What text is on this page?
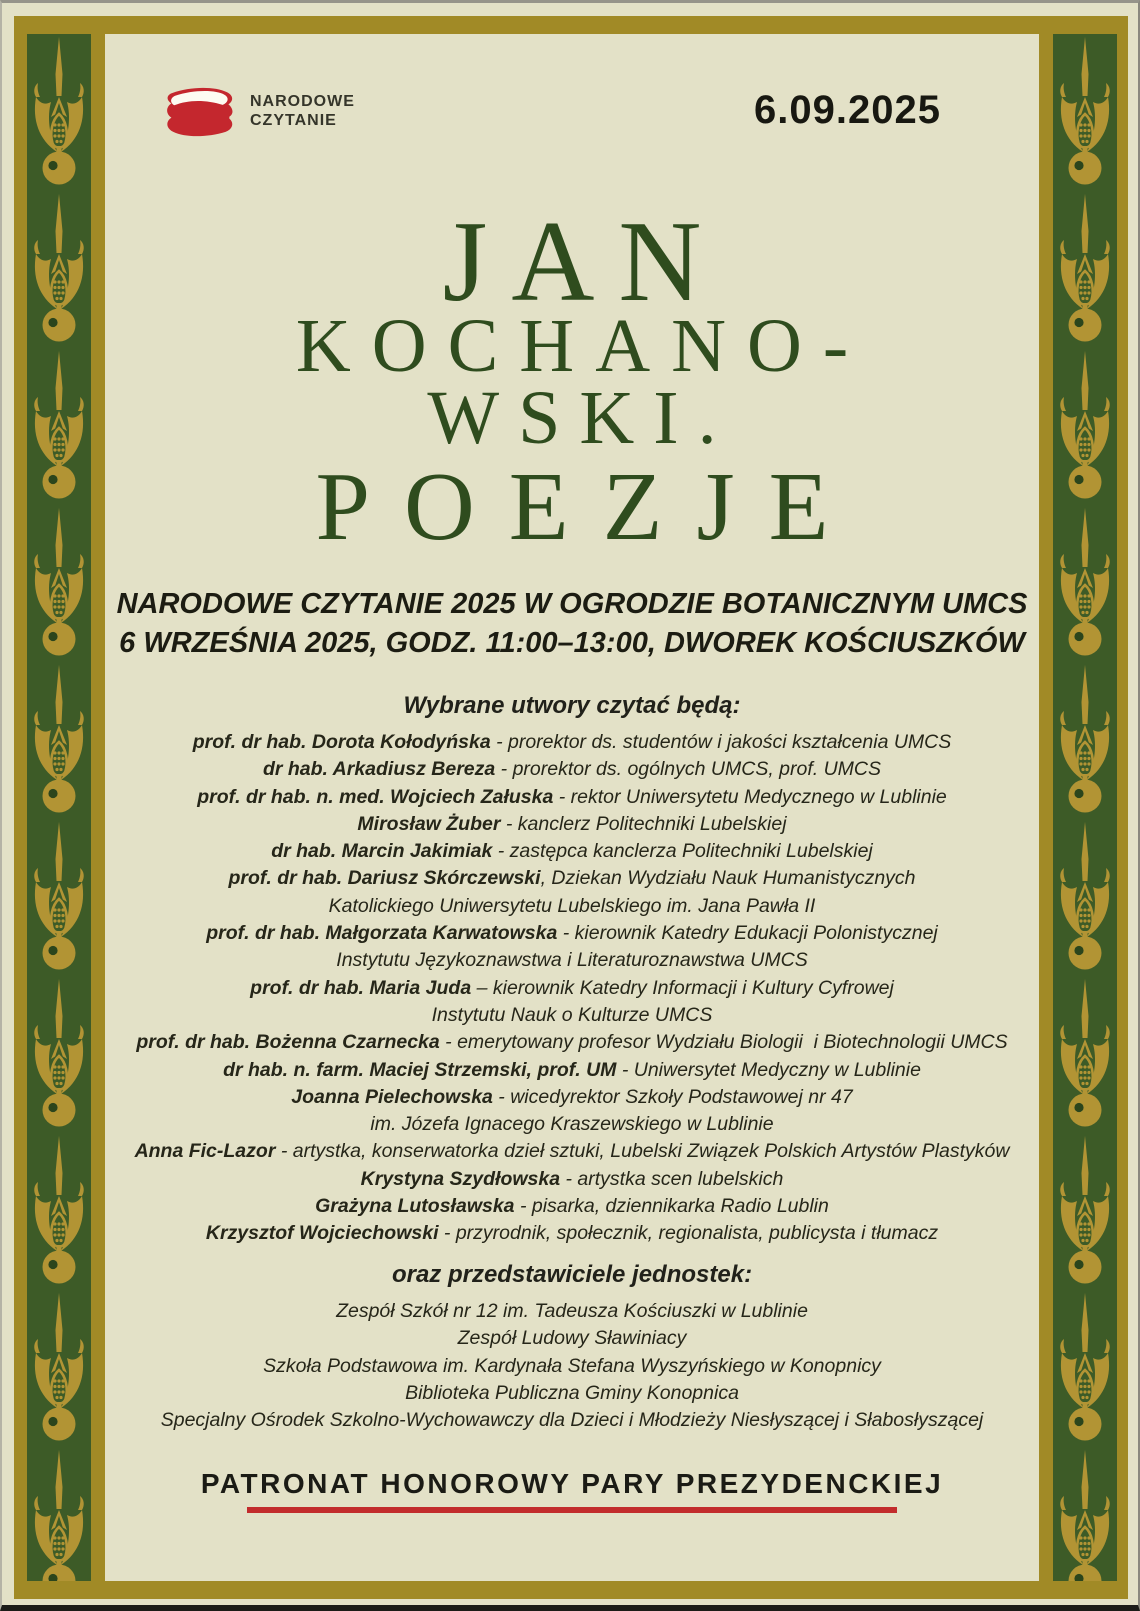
NARODOWE
CZYTANIE	6.09.2025
JAN
KOCHANO-
WSKI.
POEZJE
NARODOWE CZYTANIE 2025 W OGRODZIE BOTANICZNYM UMCS
6 WRZEŚNIA 2025, GODZ. 11:00–13:00, DWOREK KOŚCIUSZKÓW
Wybrane utwory czytać będą:
prof. dr hab. Dorota Kołodyńska - prorektor ds. studentów i jakości kształcenia UMCS
dr hab. Arkadiusz Bereza - prorektor ds. ogólnych UMCS, prof. UMCS
prof. dr hab. n. med. Wojciech Załuska - rektor Uniwersytetu Medycznego w Lublinie
Mirosław Żuber - kanclerz Politechniki Lubelskiej
dr hab. Marcin Jakimiak - zastępca kanclerza Politechniki Lubelskiej
prof. dr hab. Dariusz Skórczewski, Dziekan Wydziału Nauk Humanistycznych
Katolickiego Uniwersytetu Lubelskiego im. Jana Pawła II
prof. dr hab. Małgorzata Karwatowska - kierownik Katedry Edukacji Polonistycznej
Instytutu Językoznawstwa i Literaturoznawstwa UMCS
prof. dr hab. Maria Juda – kierownik Katedry Informacji i Kultury Cyfrowej
Instytutu Nauk o Kulturze UMCS
prof. dr hab. Bożenna Czarnecka - emerytowany profesor Wydziału Biologii  i Biotechnologii UMCS
dr hab. n. farm. Maciej Strzemski, prof. UM - Uniwersytet Medyczny w Lublinie
Joanna Pielechowska - wicedyrektor Szkoły Podstawowej nr 47
im. Józefa Ignacego Kraszewskiego w Lublinie
Anna Fic-Lazor - artystka, konserwatorka dzieł sztuki, Lubelski Związek Polskich Artystów Plastyków
Krystyna Szydłowska - artystka scen lubelskich
Grażyna Lutosławska - pisarka, dziennikarka Radio Lublin
Krzysztof Wojciechowski - przyrodnik, społecznik, regionalista, publicysta i tłumacz
oraz przedstawiciele jednostek:
Zespół Szkół nr 12 im. Tadeusza Kościuszki w Lublinie
Zespół Ludowy Sławiniacy
Szkoła Podstawowa im. Kardynała Stefana Wyszyńskiego w Konopnicy
Biblioteka Publiczna Gminy Konopnica
Specjalny Ośrodek Szkolno-Wychowawczy dla Dzieci i Młodzieży Niesłyszącej i Słabosłyszącej
PATRONAT HONOROWY PARY PREZYDENCKIEJ
